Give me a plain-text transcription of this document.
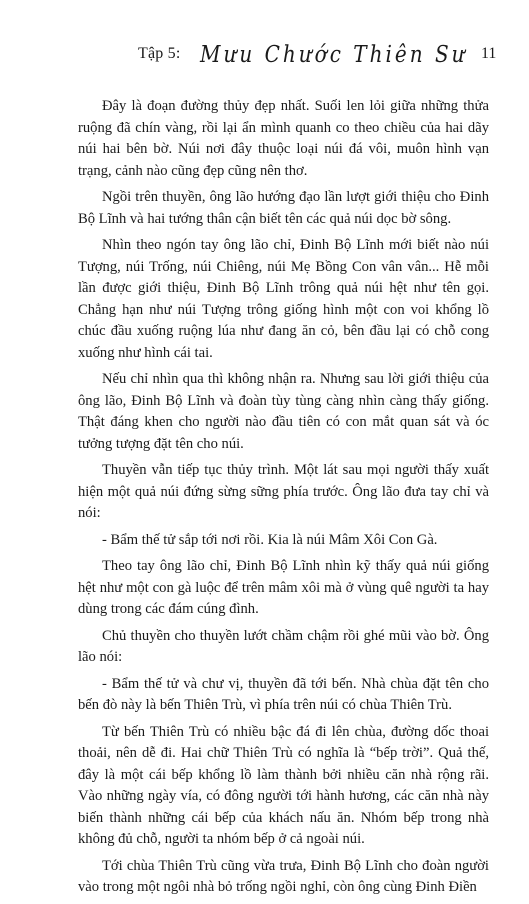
Tập 5: Mưu Chước Thiên Sư 11

Đây là đoạn đường thủy đẹp nhất. Suối len lỏi giữa những thửa ruộng đã chín vàng, rồi lại ẩn mình quanh co theo chiều của hai dãy núi hai bên bờ. Núi nơi đây thuộc loại núi đá vôi, muôn hình vạn trạng, cảnh nào cũng đẹp cũng nên thơ.

Ngồi trên thuyền, ông lão hướng đạo lần lượt giới thiệu cho Đinh Bộ Lĩnh và hai tướng thân cận biết tên các quả núi dọc bờ sông.

Nhìn theo ngón tay ông lão chỉ, Đinh Bộ Lĩnh mới biết nào núi Tượng, núi Trống, núi Chiêng, núi Mẹ Bồng Con vân vân... Hễ mỗi lần được giới thiệu, Đinh Bộ Lĩnh trông quả núi hệt như tên gọi. Chẳng hạn như núi Tượng trông giống hình một con voi khổng lồ chúc đầu xuống ruộng lúa như đang ăn cỏ, bên đầu lại có chỗ cong xuống như hình cái tai.

Nếu chỉ nhìn qua thì không nhận ra. Nhưng sau lời giới thiệu của ông lão, Đinh Bộ Lĩnh và đoàn tùy tùng càng nhìn càng thấy giống. Thật đáng khen cho người nào đầu tiên có con mắt quan sát và óc tưởng tượng đặt tên cho núi.

Thuyền vẫn tiếp tục thủy trình. Một lát sau mọi người thấy xuất hiện một quả núi đứng sừng sững phía trước. Ông lão đưa tay chỉ và nói:

- Bẩm thế tử sắp tới nơi rồi. Kia là núi Mâm Xôi Con Gà.

Theo tay ông lão chỉ, Đinh Bộ Lĩnh nhìn kỹ thấy quả núi giống hệt như một con gà luộc để trên mâm xôi mà ở vùng quê người ta hay dùng trong các đám cúng đình.

Chủ thuyền cho thuyền lướt chầm chậm rồi ghé mũi vào bờ. Ông lão nói:

- Bẩm thế tử và chư vị, thuyền đã tới bến. Nhà chùa đặt tên cho bến đò này là bến Thiên Trù, vì phía trên núi có chùa Thiên Trù.

Từ bến Thiên Trù có nhiều bậc đá đi lên chùa, đường dốc thoai thoải, nên dễ đi. Hai chữ Thiên Trù có nghĩa là “bếp trời”. Quả thế, đây là một cái bếp khổng lồ làm thành bởi nhiều căn nhà rộng rãi. Vào những ngày vía, có đông người tới hành hương, các căn nhà này biến thành những cái bếp của khách nấu ăn. Nhóm bếp trong nhà không đủ chỗ, người ta nhóm bếp ở cả ngoài núi.

Tới chùa Thiên Trù cũng vừa trưa, Đinh Bộ Lĩnh cho đoàn người vào trong một ngôi nhà bỏ trống ngồi nghỉ, còn ông cùng Đinh Điền
